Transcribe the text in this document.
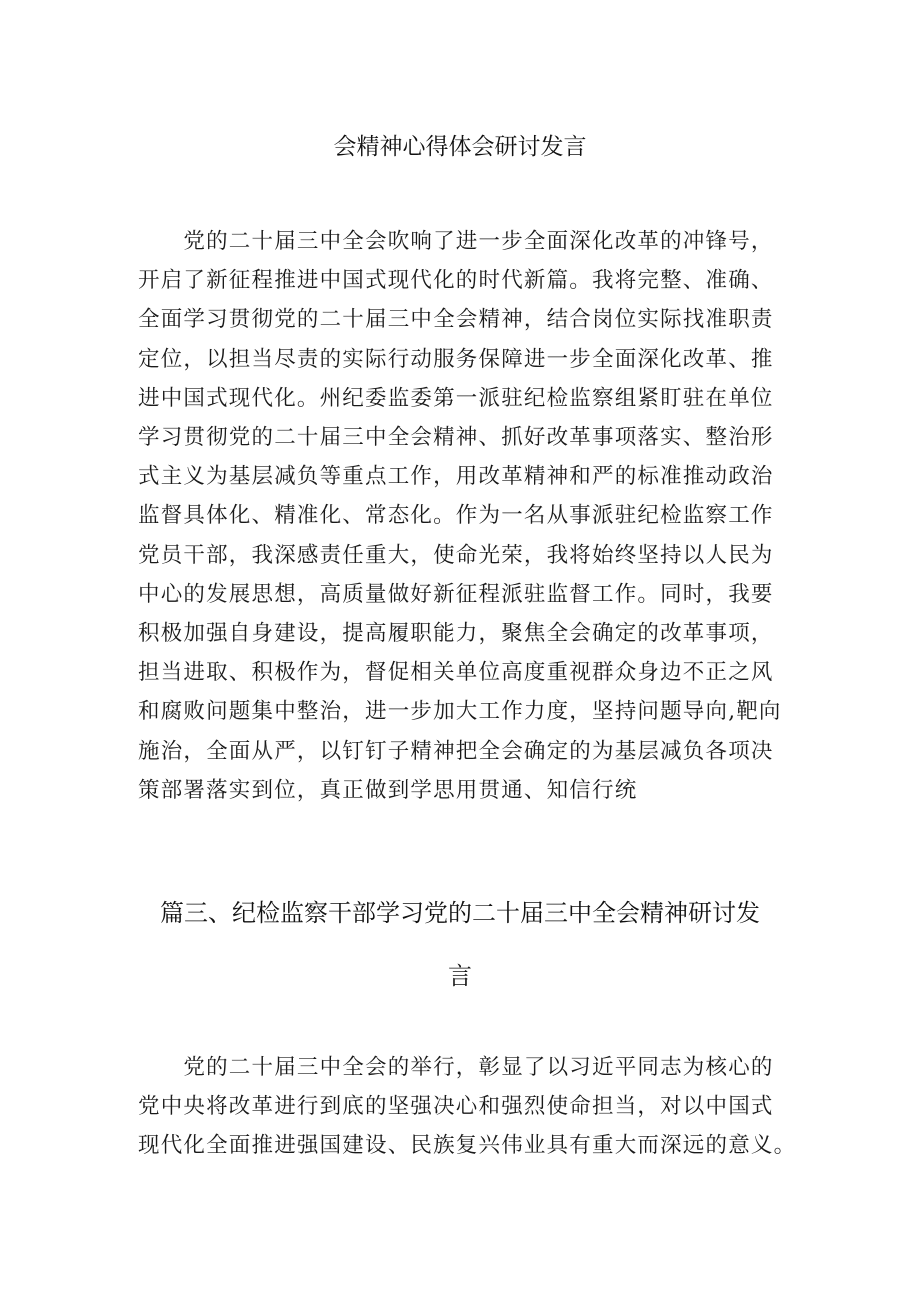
会精神心得体会研讨发言
　　党的二十届三中全会吹响了进一步全面深化改革的冲锋号，
开启了新征程推进中国式现代化的时代新篇。我将完整、准确、
全面学习贯彻党的二十届三中全会精神，结合岗位实际找准职责
定位，以担当尽责的实际行动服务保障进一步全面深化改革、推
进中国式现代化。州纪委监委第一派驻纪检监察组紧盯驻在单位
学习贯彻党的二十届三中全会精神、抓好改革事项落实、整治形
式主义为基层减负等重点工作，用改革精神和严的标准推动政治
监督具体化、精准化、常态化。作为一名从事派驻纪检监察工作
党员干部，我深感责任重大，使命光荣，我将始终坚持以人民为
中心的发展思想，高质量做好新征程派驻监督工作。同时，我要
积极加强自身建设，提高履职能力，聚焦全会确定的改革事项，
担当进取、积极作为，督促相关单位高度重视群众身边不正之风
和腐败问题集中整治，进一步加大工作力度，坚持问题导向,靶向
施治，全面从严，以钉钉子精神把全会确定的为基层减负各项决
策部署落实到位，真正做到学思用贯通、知信行统
篇三、纪检监察干部学习党的二十届三中全会精神研讨发
言
　　党的二十届三中全会的举行，彰显了以习近平同志为核心的
党中央将改革进行到底的坚强决心和强烈使命担当，对以中国式
现代化全面推进强国建设、民族复兴伟业具有重大而深远的意义。
